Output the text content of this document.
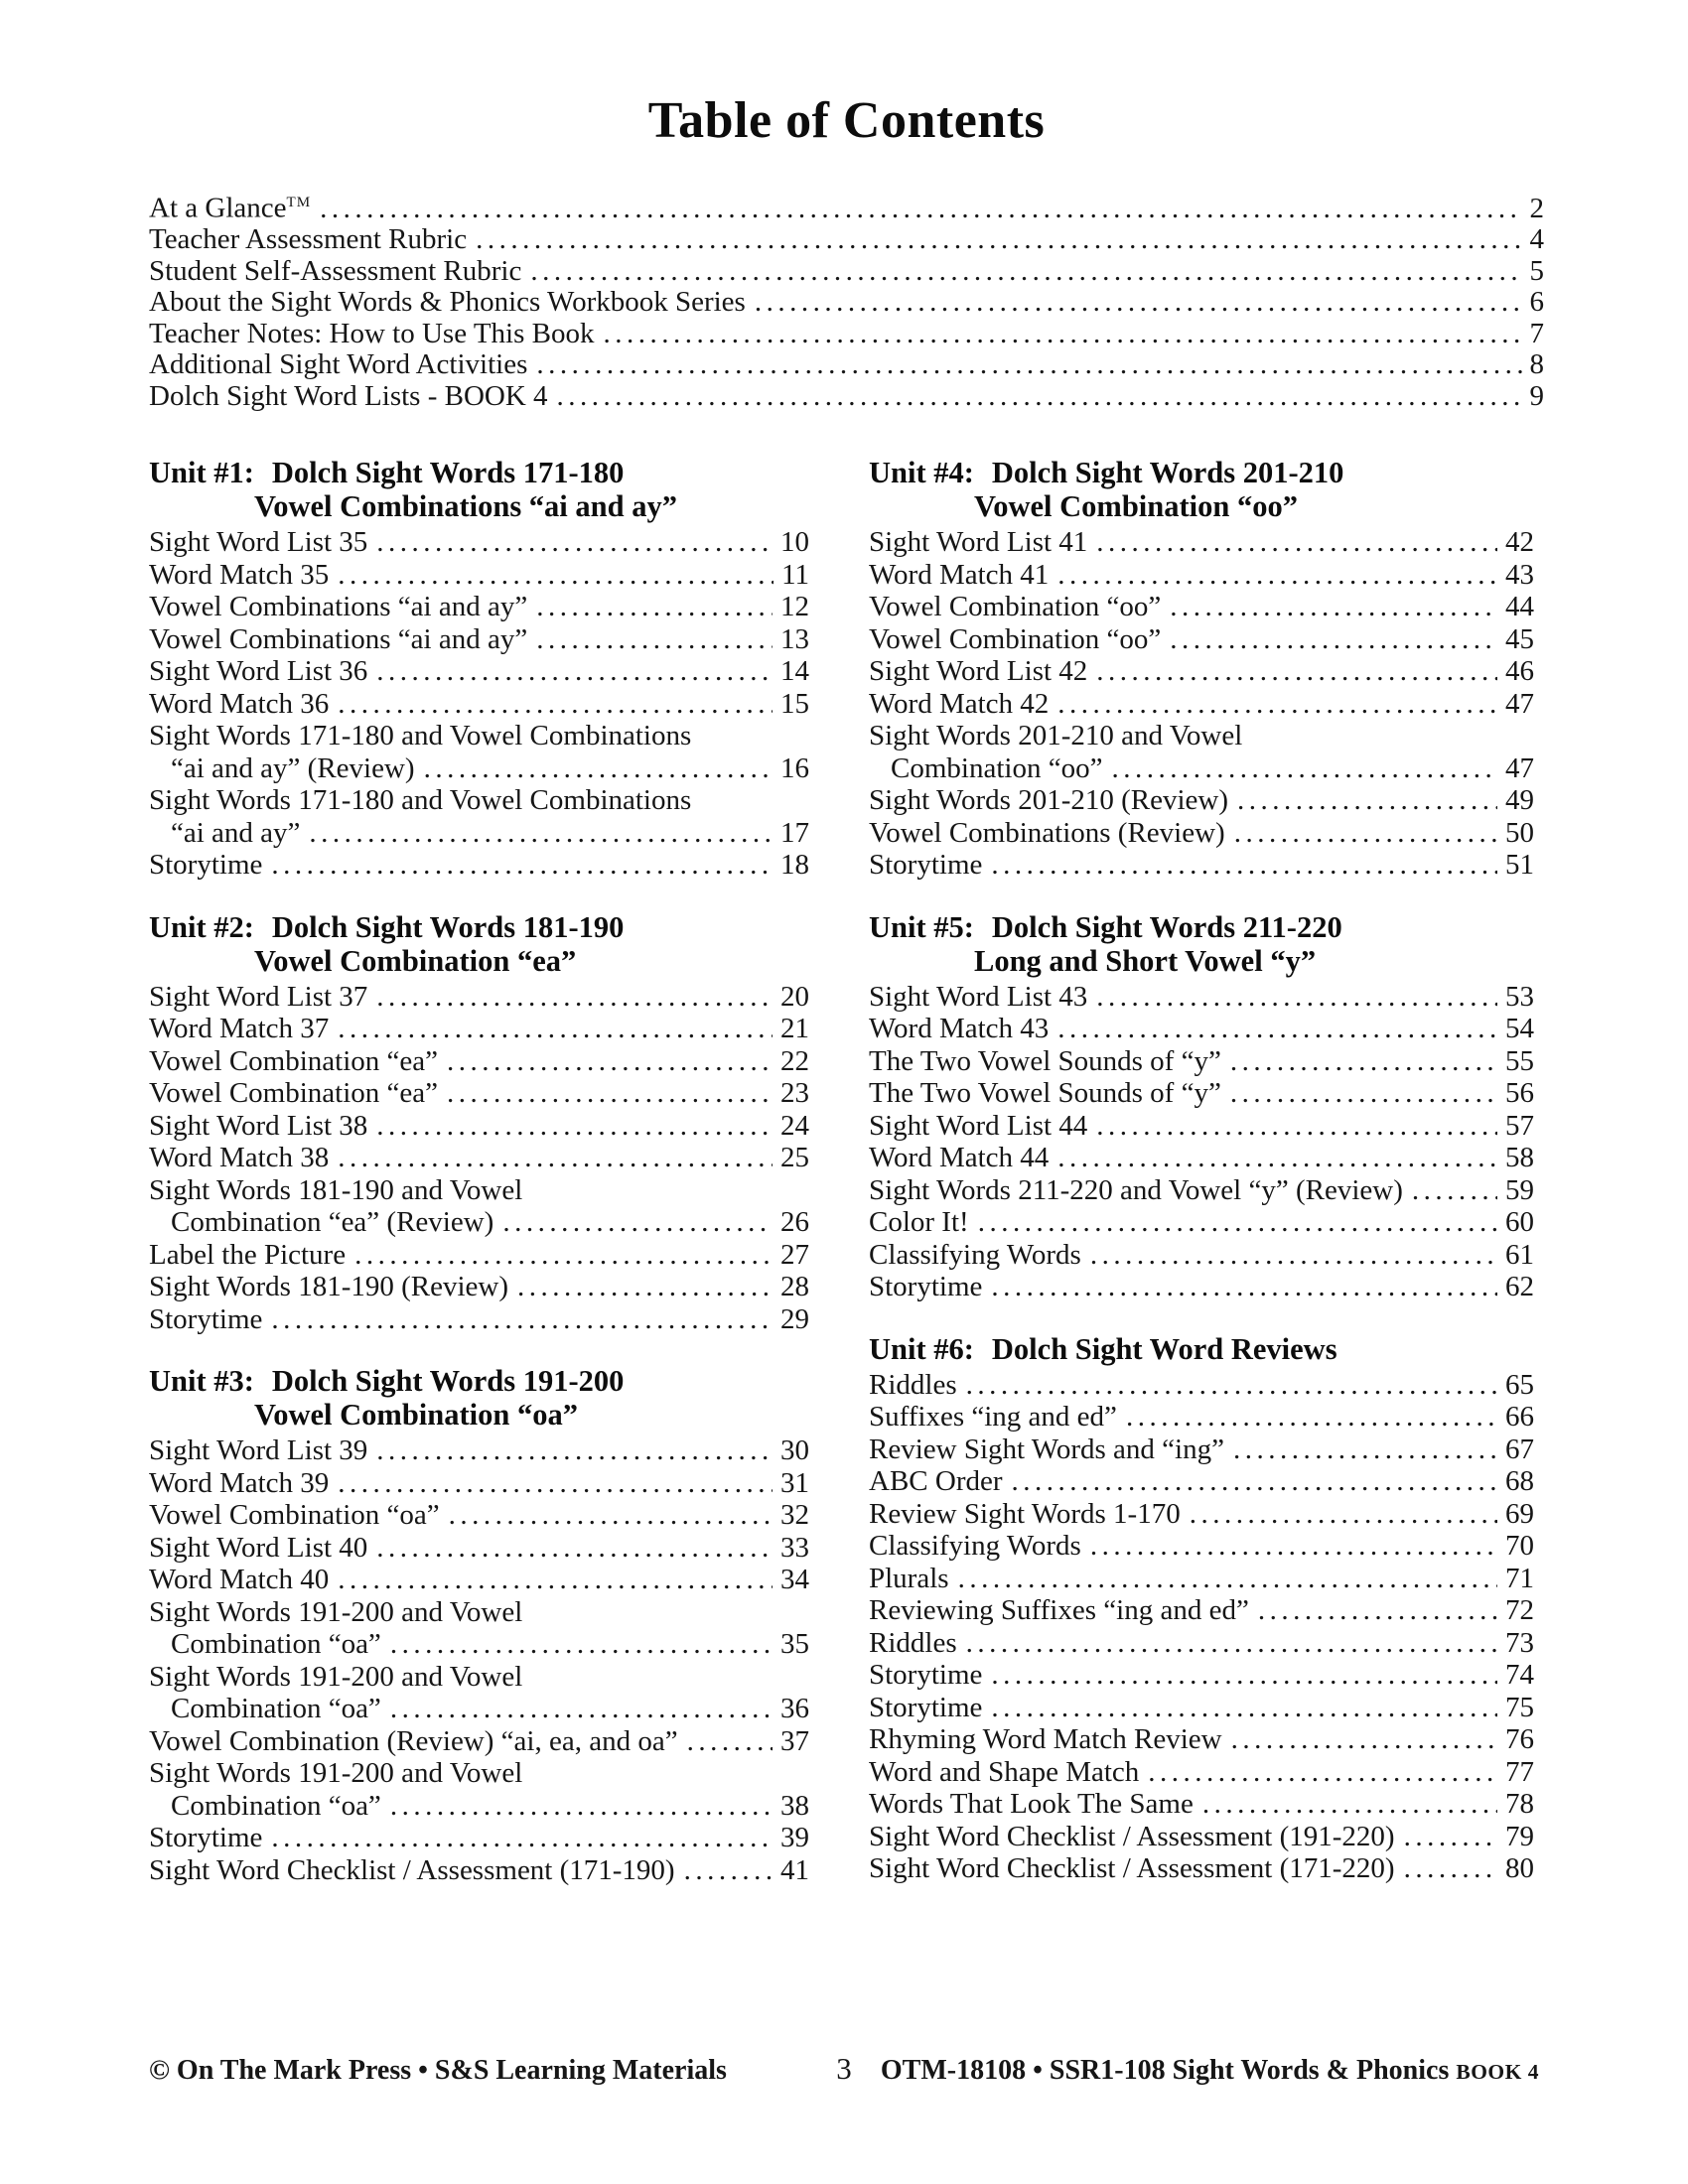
Table of Contents
At a Glance™ .....	2
Teacher Assessment Rubric .....	4
Student Self-Assessment Rubric .....	5
About the Sight Words & Phonics Workbook Series .....	6
Teacher Notes: How to Use This Book .....	7
Additional Sight Word Activities .....	8
Dolch Sight Word Lists - BOOK 4 .....	9
Unit #1: Dolch Sight Words 171-180
Vowel Combinations “ai and ay”
Sight Word List 35 .....	10
Word Match 35 .....	11
Vowel Combinations “ai and ay” .....	12
Vowel Combinations “ai and ay” .....	13
Sight Word List 36 .....	14
Word Match 36 .....	15
Sight Words 171-180 and Vowel Combinations
“ai and ay” (Review) .....	16
Sight Words 171-180 and Vowel Combinations
“ai and ay” .....	17
Storytime .....	18
Unit #2: Dolch Sight Words 181-190
Vowel Combination “ea”
Sight Word List 37 .....	20
Word Match 37 .....	21
Vowel Combination “ea” .....	22
Vowel Combination “ea” .....	23
Sight Word List 38 .....	24
Word Match 38 .....	25
Sight Words 181-190 and Vowel
Combination “ea” (Review) .....	26
Label the Picture .....	27
Sight Words 181-190 (Review) .....	28
Storytime .....	29
Unit #3: Dolch Sight Words 191-200
Vowel Combination “oa”
Sight Word List 39 .....	30
Word Match 39 .....	31
Vowel Combination “oa” .....	32
Sight Word List 40 .....	33
Word Match 40 .....	34
Sight Words 191-200 and Vowel
Combination “oa” .....	35
Sight Words 191-200 and Vowel
Combination “oa” .....	36
Vowel Combination (Review) “ai, ea, and oa” .....	37
Sight Words 191-200 and Vowel
Combination “oa” .....	38
Storytime .....	39
Sight Word Checklist / Assessment (171-190) .....	41
Unit #4: Dolch Sight Words 201-210
Vowel Combination “oo”
Sight Word List 41 .....	42
Word Match 41 .....	43
Vowel Combination “oo” .....	44
Vowel Combination “oo” .....	45
Sight Word List 42 .....	46
Word Match 42 .....	47
Sight Words 201-210 and Vowel
Combination “oo” .....	47
Sight Words 201-210 (Review) .....	49
Vowel Combinations (Review) .....	50
Storytime .....	51
Unit #5: Dolch Sight Words 211-220
Long and Short Vowel “y”
Sight Word List 43 .....	53
Word Match 43 .....	54
The Two Vowel Sounds of “y” .....	55
The Two Vowel Sounds of “y” .....	56
Sight Word List 44 .....	57
Word Match 44 .....	58
Sight Words 211-220 and Vowel “y” (Review) .....	59
Color It! .....	60
Classifying Words .....	61
Storytime .....	62
Unit #6: Dolch Sight Word Reviews
Riddles .....	65
Suffixes “ing and ed” .....	66
Review Sight Words and “ing” .....	67
ABC Order .....	68
Review Sight Words 1-170 .....	69
Classifying Words .....	70
Plurals .....	71
Reviewing Suffixes “ing and ed” .....	72
Riddles .....	73
Storytime .....	74
Storytime .....	75
Rhyming Word Match Review .....	76
Word and Shape Match .....	77
Words That Look The Same .....	78
Sight Word Checklist / Assessment (191-220) .....	79
Sight Word Checklist / Assessment (171-220) .....	80
© On The Mark Press • S&S Learning Materials	3 OTM-18108 • SSR1-108 Sight Words & Phonics BOOK 4
